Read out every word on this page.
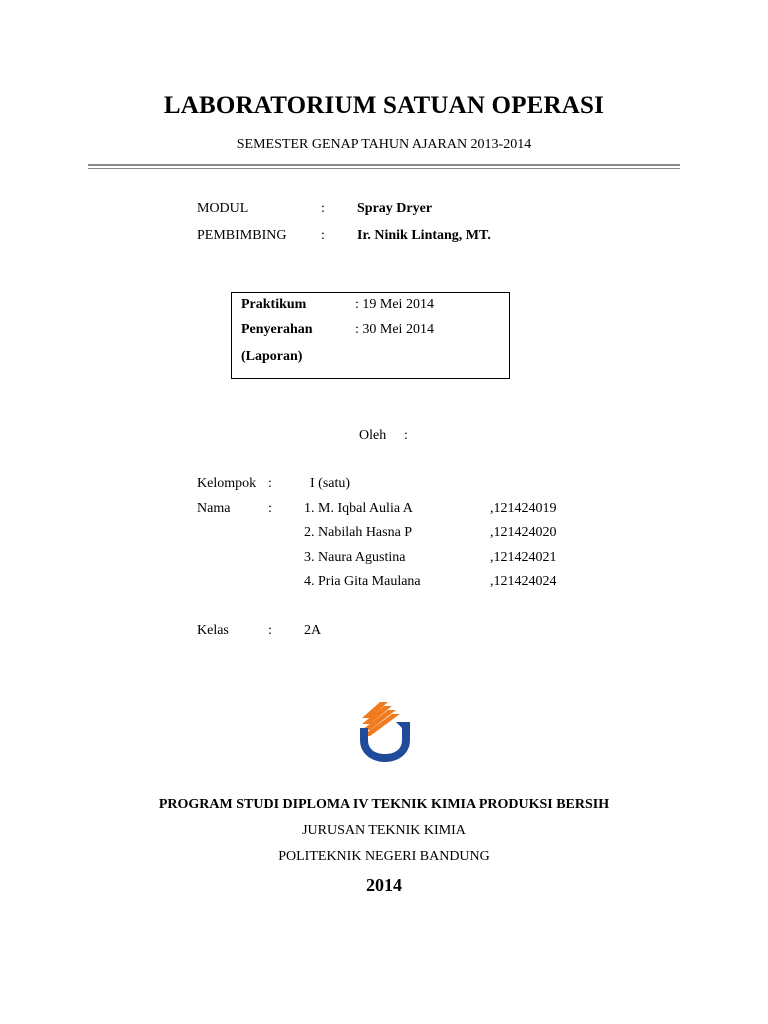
LABORATORIUM SATUAN OPERASI
SEMESTER GENAP TAHUN AJARAN 2013-2014
MODUL	: Spray Dryer
PEMBIMBING : Ir. Ninik Lintang, MT.
Praktikum	: 19 Mei 2014
Penyerahan	: 30 Mei 2014
(Laporan)
Oleh :
Kelompok :	I (satu)
Nama	: 1. M. Iqbal Aulia A	,121424019
2. Nabilah Hasna P	,121424020
3. Naura Agustina	,121424021
4. Pria Gita Maulana	,121424024
Kelas	: 2A
PROGRAM STUDI DIPLOMA IV TEKNIK KIMIA PRODUKSI BERSIH
JURUSAN TEKNIK KIMIA
POLITEKNIK NEGERI BANDUNG
2014
